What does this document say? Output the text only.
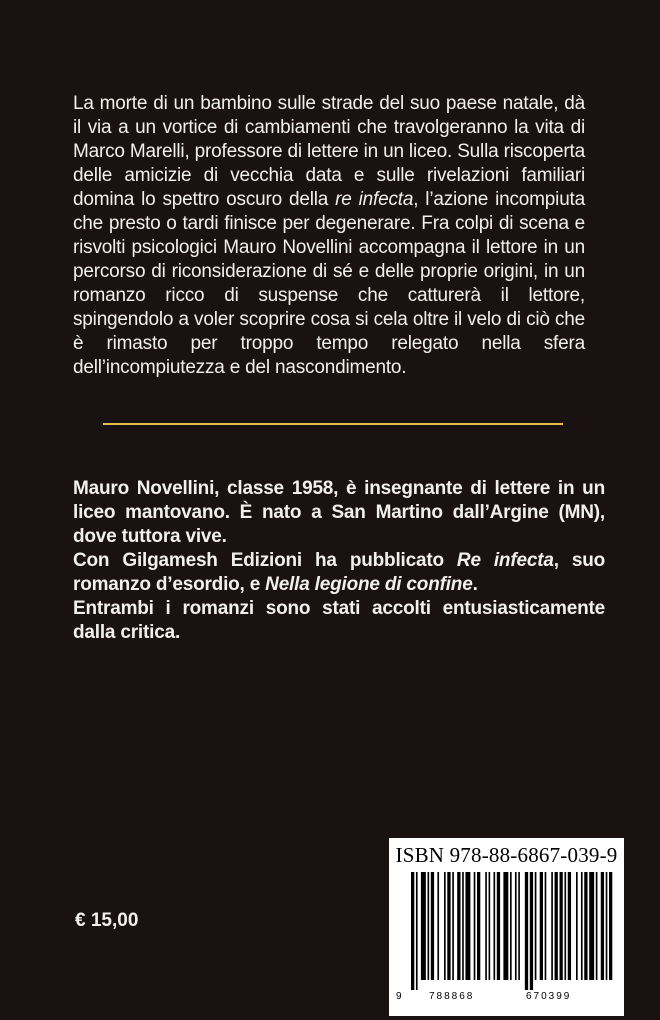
La morte di un bambino sulle strade del suo paese natale, dà il via a un vortice di cambiamenti che travolgeranno la vita di Marco Marelli, professore di lettere in un liceo. Sulla riscoperta delle amicizie di vecchia data e sulle rivelazioni familiari domina lo spettro oscuro della re infecta, l’azione incompiuta che presto o tardi finisce per degenerare. Fra colpi di scena e risvolti psicologici Mauro Novellini accompagna il lettore in un percorso di riconsiderazione di sé e delle proprie origini, in un romanzo ricco di suspense che catturerà il lettore, spingendolo a voler scoprire cosa si cela oltre il velo di ciò che è rimasto per troppo tempo relegato nella sfera dell’incompiutezza e del nascondimento.

Mauro Novellini, classe 1958, è insegnante di lettere in un liceo mantovano. È nato a San Martino dall’Argine (MN), dove tuttora vive.

Con Gilgamesh Edizioni ha pubblicato Re infecta, suo romanzo d’esordio, e Nella legione di confine.

Entrambi i romanzi sono stati accolti entusiasticamente dalla critica.

€ 15,00
ISBN 978-88-6867-039-9
9	788868	670399
